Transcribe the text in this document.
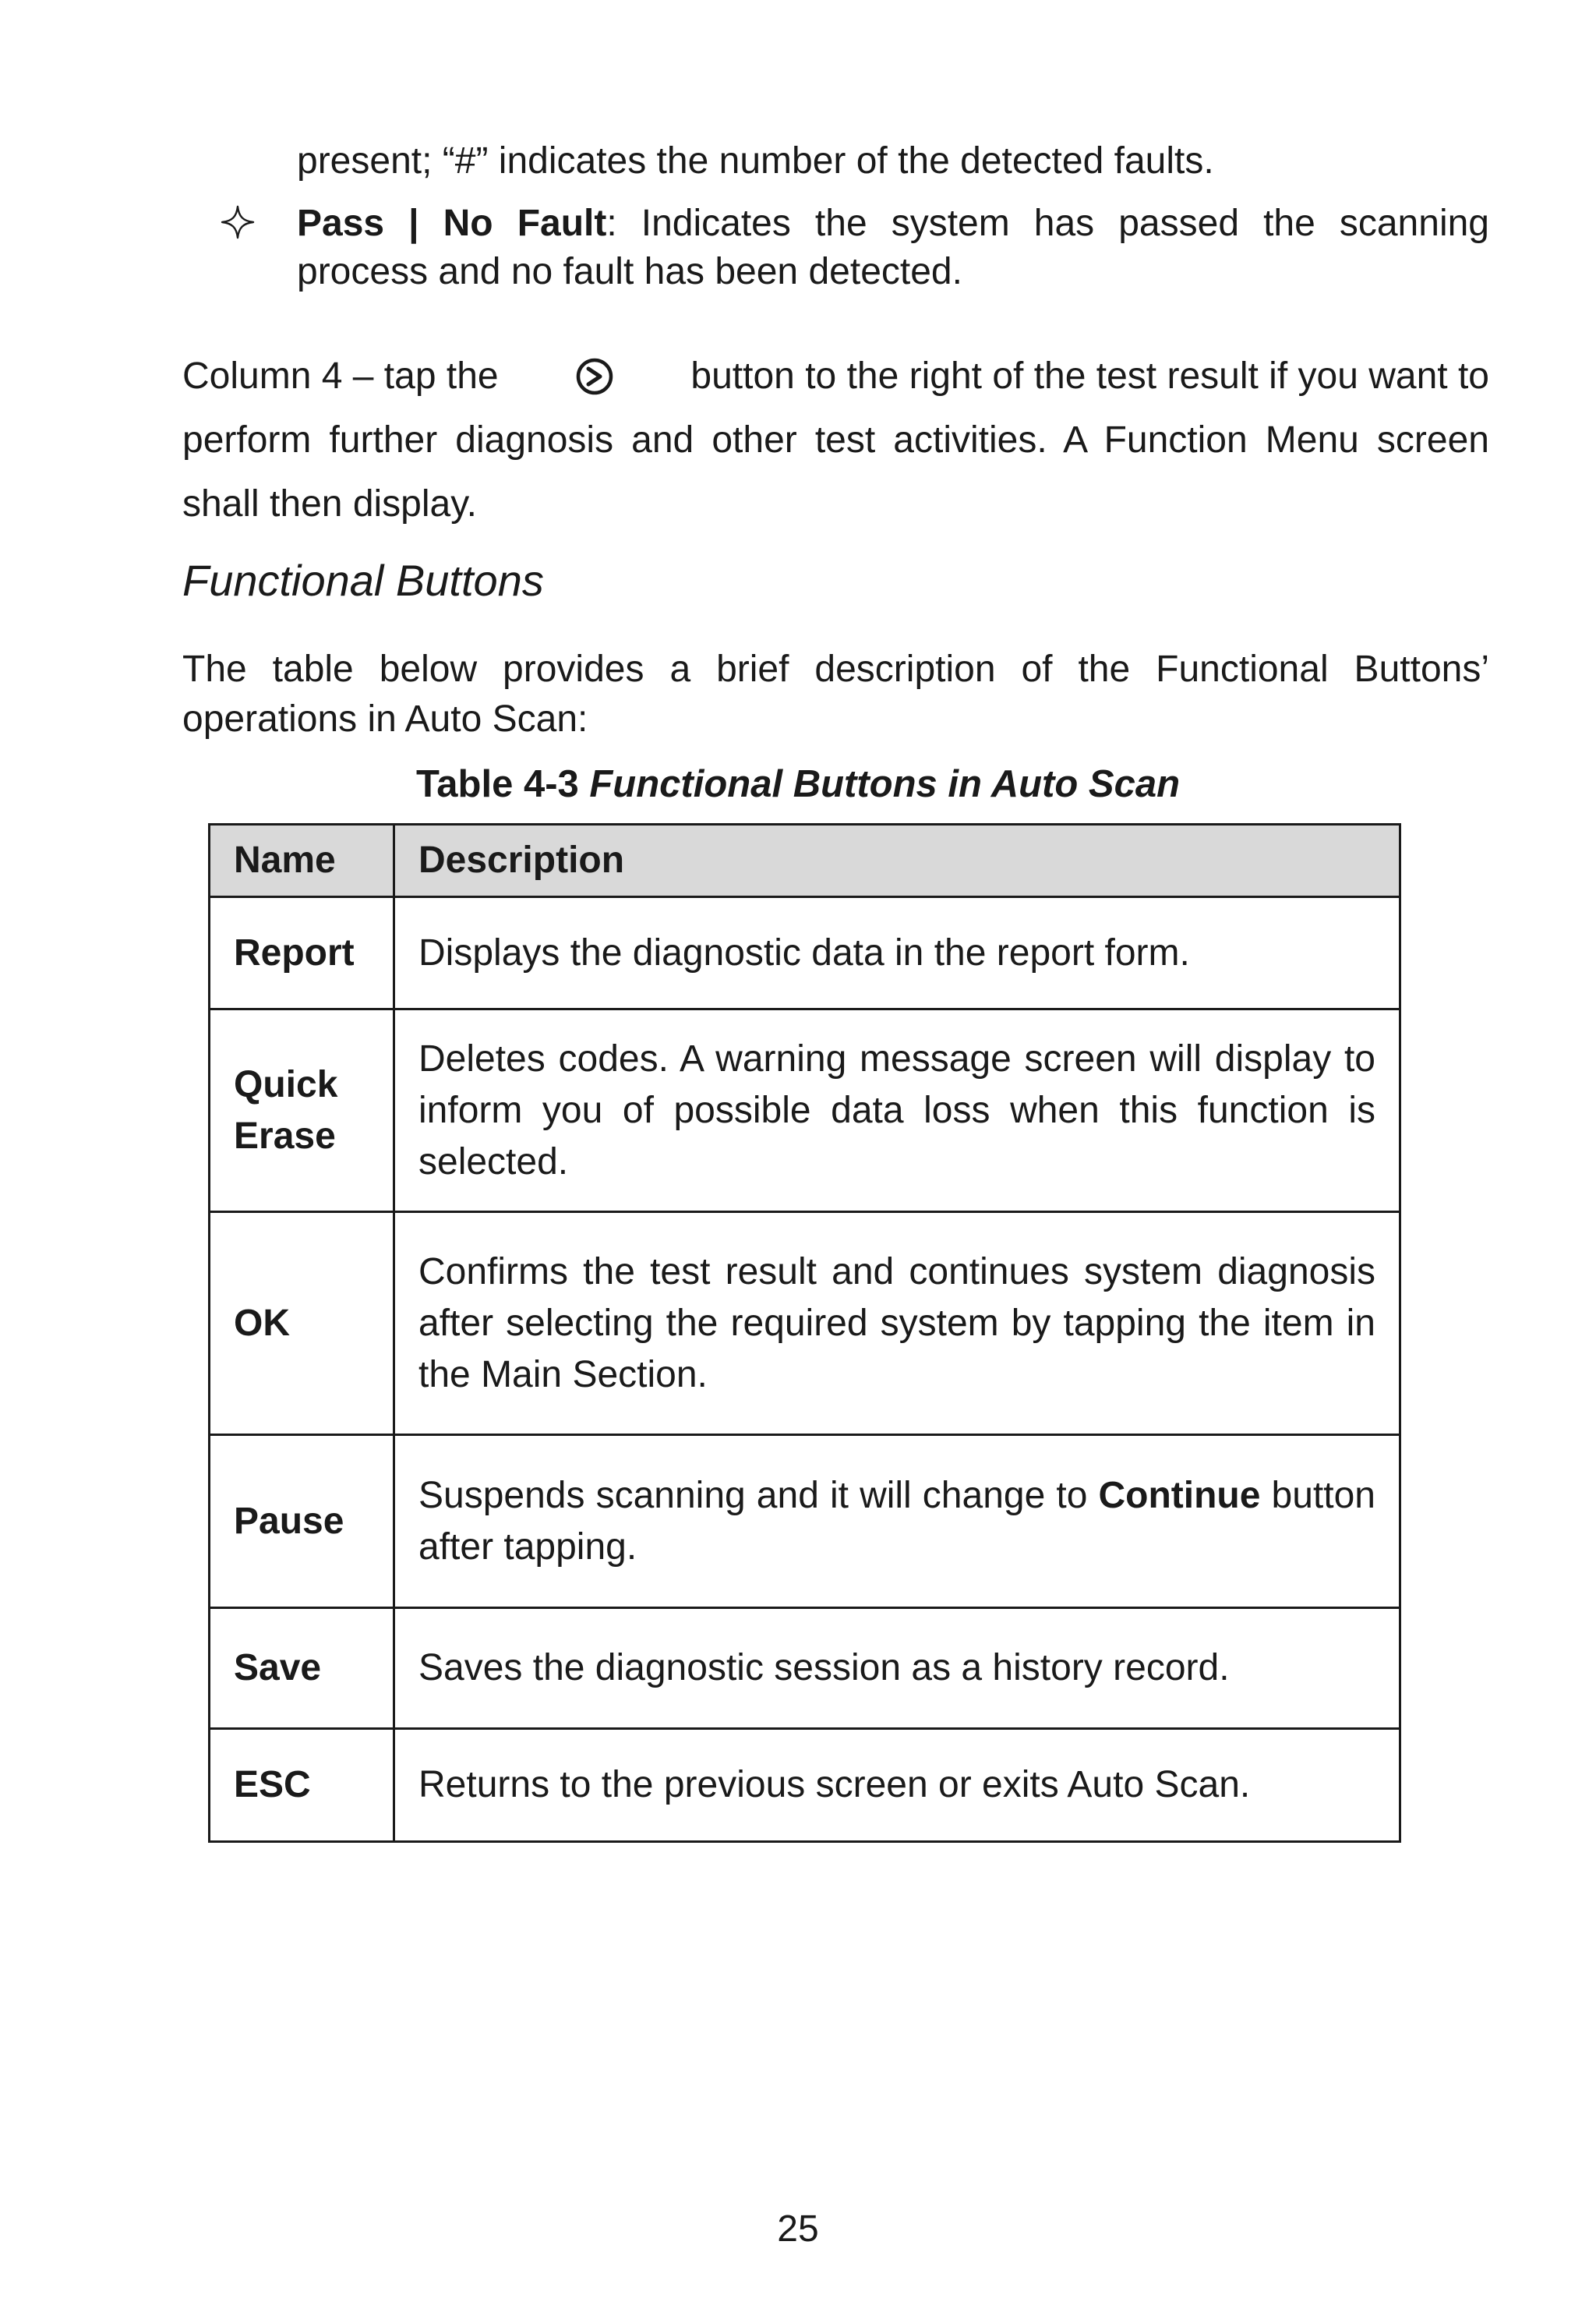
present; “#” indicates the number of the detected faults.
Pass | No Fault: Indicates the system has passed the scanning
process and no fault has been detected.
Column 4 – tap the	button to the right of the test result if you want to
perform further diagnosis and other test activities. A Function Menu screen
shall then display.
Functional Buttons
The table below provides a brief description of the Functional Buttons’ operations in Auto Scan:
Table 4-3 Functional Buttons in Auto Scan
Name	Description
Report	Displays the diagnostic data in the report form.
Quick Erase	Deletes codes. A warning message screen will display to inform you of possible data loss when this function is selected.
OK	Confirms the test result and continues system diagnosis after selecting the required system by tapping the item in the Main Section.
Pause	Suspends scanning and it will change to Continue button after tapping.
Save	Saves the diagnostic session as a history record.
ESC	Returns to the previous screen or exits Auto Scan.
25
